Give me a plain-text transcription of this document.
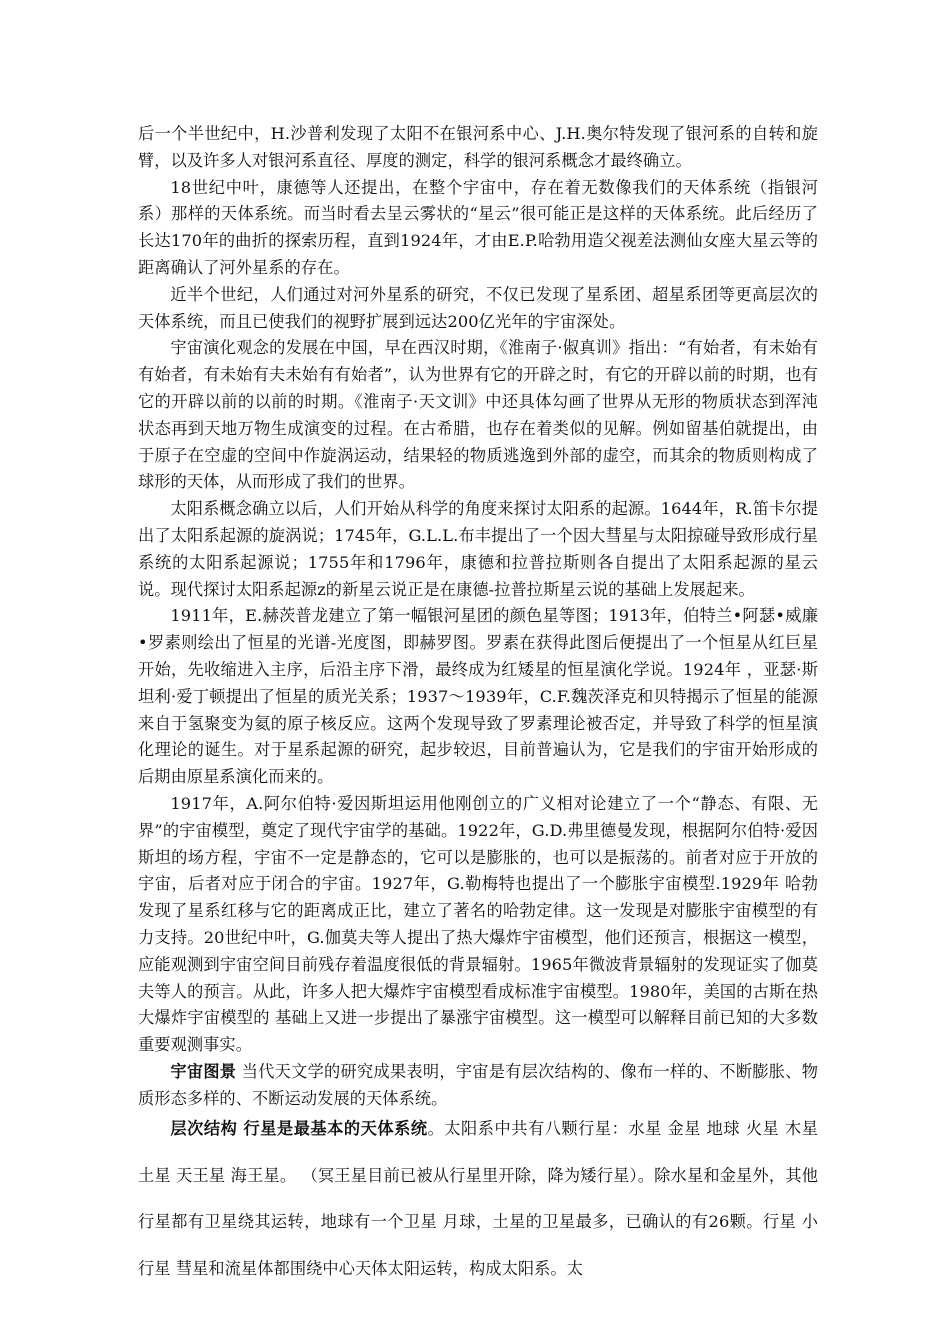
后一个半世纪中，H.沙普利发现了太阳不在银河系中心、J.H.奥尔特发现了银河系的自转和旋臂，以及许多人对银河系直径、厚度的测定，科学的银河系概念才最终确立。

18世纪中叶，康德等人还提出，在整个宇宙中，存在着无数像我们的天体系统（指银河系）那样的天体系统。而当时看去呈云雾状的“星云”很可能正是这样的天体系统。此后经历了长达170年的曲折的探索历程，直到1924年，才由E.P.哈勃用造父视差法测仙女座大星云等的距离确认了河外星系的存在。

近半个世纪，人们通过对河外星系的研究，不仅已发现了星系团、超星系团等更高层次的天体系统，而且已使我们的视野扩展到远达200亿光年的宇宙深处。

宇宙演化观念的发展在中国，早在西汉时期，《淮南子·俶真训》指出：“有始者，有未始有有始者，有未始有夫未始有有始者”，认为世界有它的开辟之时，有它的开辟以前的时期，也有它的开辟以前的以前的时期。《淮南子·天文训》中还具体勾画了世界从无形的物质状态到浑沌状态再到天地万物生成演变的过程。在古希腊，也存在着类似的见解。例如留基伯就提出，由于原子在空虚的空间中作旋涡运动，结果轻的物质逃逸到外部的虚空，而其余的物质则构成了球形的天体，从而形成了我们的世界。

太阳系概念确立以后，人们开始从科学的角度来探讨太阳系的起源。1644年，R.笛卡尔提出了太阳系起源的旋涡说；1745年，G.L.L.布丰提出了一个因大彗星与太阳掠碰导致形成行星系统的太阳系起源说；1755年和1796年，康德和拉普拉斯则各自提出了太阳系起源的星云说。现代探讨太阳系起源z的新星云说正是在康德-拉普拉斯星云说的基础上发展起来。

1911年，E.赫茨普龙建立了第一幅银河星团的颜色星等图；1913年，伯特兰•阿瑟•威廉•罗素则绘出了恒星的光谱-光度图，即赫罗图。罗素在获得此图后便提出了一个恒星从红巨星开始，先收缩进入主序，后沿主序下滑，最终成为红矮星的恒星演化学说。1924年 ，亚瑟·斯坦利·爱丁顿提出了恒星的质光关系；1937～1939年，C.F.魏茨泽克和贝特揭示了恒星的能源来自于氢聚变为氦的原子核反应。这两个发现导致了罗素理论被否定，并导致了科学的恒星演化理论的诞生。对于星系起源的研究，起步较迟，目前普遍认为，它是我们的宇宙开始形成的后期由原星系演化而来的。

1917年，A.阿尔伯特·爱因斯坦运用他刚创立的广义相对论建立了一个“静态、有限、无界”的宇宙模型，奠定了现代宇宙学的基础。1922年，G.D.弗里德曼发现，根据阿尔伯特·爱因斯坦的场方程，宇宙不一定是静态的，它可以是膨胀的，也可以是振荡的。前者对应于开放的宇宙，后者对应于闭合的宇宙。1927年，G.勒梅特也提出了一个膨胀宇宙模型.1929年 哈勃发现了星系红移与它的距离成正比，建立了著名的哈勃定律。这一发现是对膨胀宇宙模型的有力支持。20世纪中叶，G.伽莫夫等人提出了热大爆炸宇宙模型，他们还预言，根据这一模型，应能观测到宇宙空间目前残存着温度很低的背景辐射。1965年微波背景辐射的发现证实了伽莫夫等人的预言。从此，许多人把大爆炸宇宙模型看成标准宇宙模型。1980年，美国的古斯在热大爆炸宇宙模型的 基础上又进一步提出了暴涨宇宙模型。这一模型可以解释目前已知的大多数重要观测事实。

宇宙图景 当代天文学的研究成果表明，宇宙是有层次结构的、像布一样的、不断膨胀、物质形态多样的、不断运动发展的天体系统。

层次结构 行星是最基本的天体系统。太阳系中共有八颗行星：水星 金星 地球 火星 木星 土星 天王星 海王星。 （冥王星目前已被从行星里开除，降为矮行星）。除水星和金星外，其他行星都有卫星绕其运转，地球有一个卫星 月球，土星的卫星最多，已确认的有26颗。行星 小行星 彗星和流星体都围绕中心天体太阳运转，构成太阳系。太
